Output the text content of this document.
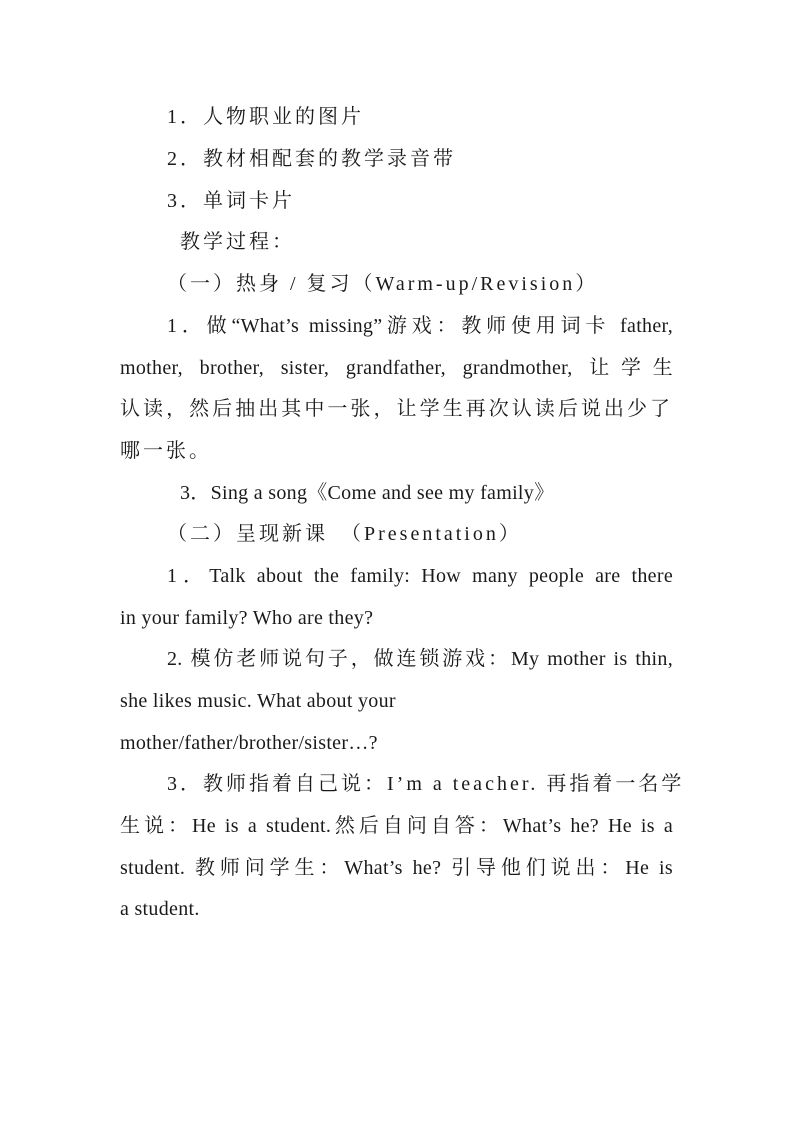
1．人物职业的图片
2．教材相配套的教学录音带
3．单词卡片
教学过程：
（一）热身 / 复习（Warm-up/Revision）
1．做“What’s missing”游戏：教师使用词卡 father,
mother, brother, sister, grandfather, grandmother, 让学生
认读，然后抽出其中一张，让学生再次认读后说出少了
哪一张。
3．Sing a song《Come and see my family》
（二）呈现新课　（Presentation）
1．Talk about the family: How many people are there
in your family? Who are they?
2. 模仿老师说句子，做连锁游戏：My mother is thin,
she likes music. What about your
mother/father/brother/sister…?
3．教师指着自己说：I’m a teacher. 再指着一名学
生说：He is a student.然后自问自答：What’s he? He is a
student. 教师问学生：What’s he? 引导他们说出：He is
a student.
